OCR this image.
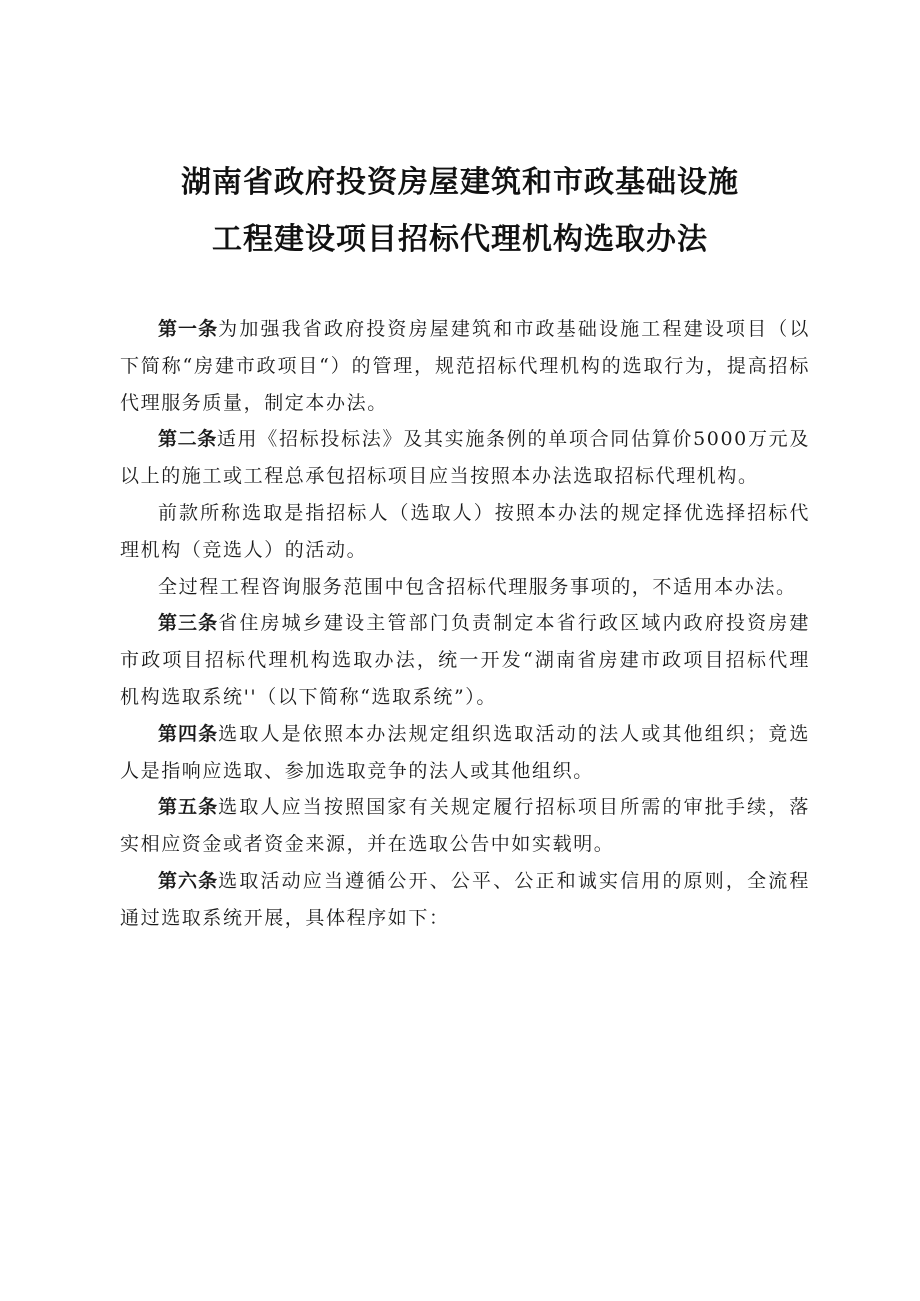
湖南省政府投资房屋建筑和市政基础设施
工程建设项目招标代理机构选取办法

第一条为加强我省政府投资房屋建筑和市政基础设施工程建设项目（以下简称“房建市政项目“）的管理，规范招标代理机构的选取行为，提高招标代理服务质量，制定本办法。

第二条适用《招标投标法》及其实施条例的单项合同估算价5000万元及以上的施工或工程总承包招标项目应当按照本办法选取招标代理机构。

前款所称选取是指招标人（选取人）按照本办法的规定择优选择招标代理机构（竞选人）的活动。

全过程工程咨询服务范围中包含招标代理服务事项的，不适用本办法。

第三条省住房城乡建设主管部门负责制定本省行政区域内政府投资房建市政项目招标代理机构选取办法，统一开发“湖南省房建市政项目招标代理机构选取系统''（以下简称“选取系统”）。

第四条选取人是依照本办法规定组织选取活动的法人或其他组织；竟选人是指响应选取、参加选取竞争的法人或其他组织。

第五条选取人应当按照国家有关规定履行招标项目所需的审批手续，落实相应资金或者资金来源，并在选取公告中如实载明。

第六条选取活动应当遵循公开、公平、公正和诚实信用的原则，全流程通过选取系统开展，具体程序如下：
